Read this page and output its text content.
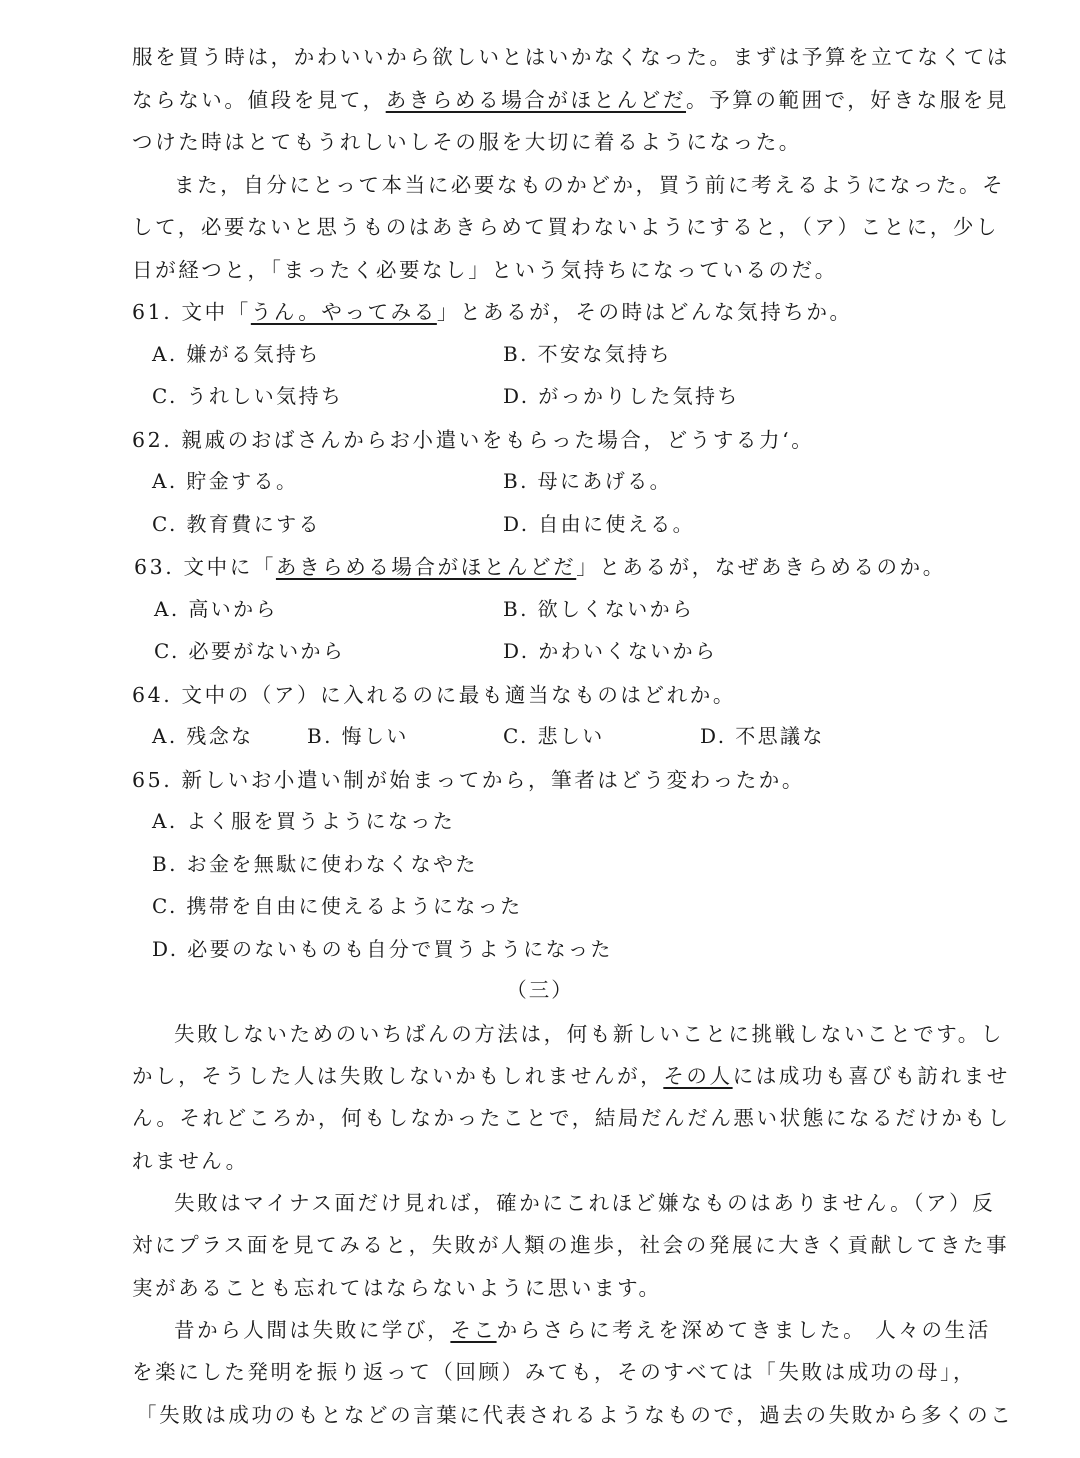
服を買う時は，かわいいから欲しいとはいかなくなった。まずは予算を立てなくては
ならない。値段を見て，あきらめる場合がほとんどだ。予算の範囲で，好きな服を見
つけた時はとてもうれしいしその服を大切に着るようになった。
また，自分にとって本当に必要なものかどか，買う前に考えるようになった。そ
して，必要ないと思うものはあきらめて買わないようにすると，（ア）ことに，少し
日が経つと，「まったく必要なし」という気持ちになっているのだ。
61. 文中「うん。やってみる」とあるが，その時はどんな気持ちか。
A. 嫌がる気持ち	B. 不安な気持ち
C. うれしい気持ち	D. がっかりした気持ち
62. 親戚のおばさんからお小遣いをもらった場合，どうする力‘。
A. 貯金する。	B. 母にあげる。
C. 教育費にする	D. 自由に使える。
63. 文中に「あきらめる場合がほとんどだ」とあるが，なぜあきらめるのか。
A. 高いから	B. 欲しくないから
C. 必要がないから	D. かわいくないから
64. 文中の（ア）に入れるのに最も適当なものはどれか。
A. 残念な	B. 悔しい	C. 悲しい	D. 不思議な
65. 新しいお小遣い制が始まってから，筆者はどう変わったか。
A. よく服を買うようになった
B. お金を無駄に使わなくなやた
C. 携帯を自由に使えるようになった
D. 必要のないものも自分で買うようになった
（三）
失敗しないためのいちばんの方法は，何も新しいことに挑戦しないことです。し
かし，そうした人は失敗しないかもしれませんが，その人には成功も喜びも訪れませ
ん。それどころか，何もしなかったことで，結局だんだん悪い状態になるだけかもし
れません。
失敗はマイナス面だけ見れば，確かにこれほど嫌なものはありません。（ア）反
対にプラス面を見てみると，失敗が人類の進歩，社会の発展に大きく貢献してきた事
実があることも忘れてはならないように思います。
昔から人間は失敗に学び，そこからさらに考えを深めてきました。 人々の生活
を楽にした発明を振り返って（回顾）みても，そのすべては「失敗は成功の母」，
「失敗は成功のもとなどの言葉に代表されるようなもので，過去の失敗から多くのこ
